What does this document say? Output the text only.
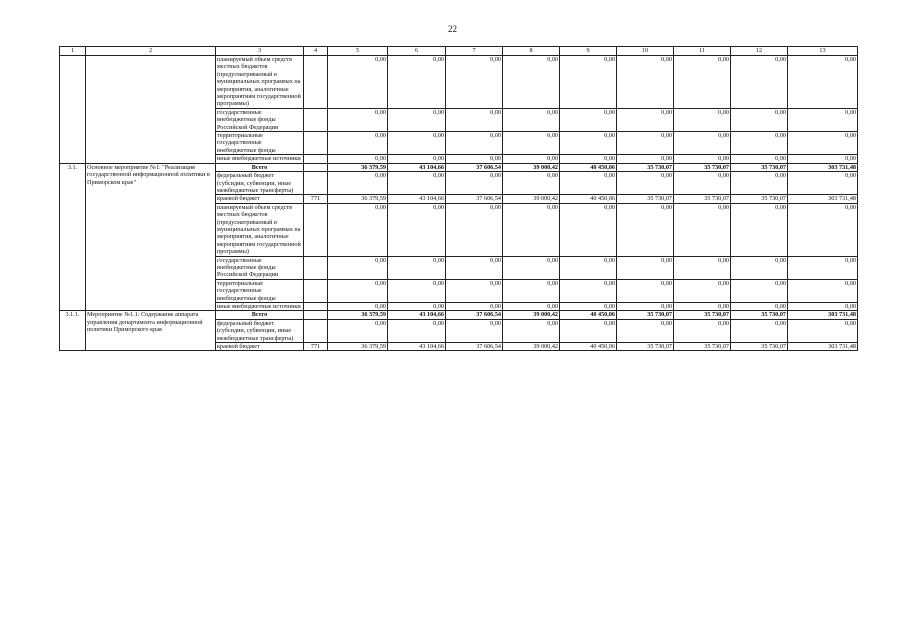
22
1	2	3	4	5	6	7	8	9	10	11	12	13
		планируемый объем средств местных бюджетов (предусматриваемый в муниципальных программах на мероприятия, аналогичные мероприятиям государственной программы)		0,00	0,00	0,00	0,00	0,00	0,00	0,00	0,00	0,00
		государственные внебюджетные фонды Российской Федерации		0,00	0,00	0,00	0,00	0,00	0,00	0,00	0,00	0,00
		территориальные государственные внебюджетные фонды		0,00	0,00	0,00	0,00	0,00	0,00	0,00	0,00	0,00
		иные внебюджетные источники		0,00	0,00	0,00	0,00	0,00	0,00	0,00	0,00	0,00
3.1.	Основное мероприятие №1: "Реализация государственной информационной политики в Приморском крае"	Всего		36 379,59	43 104,66	37 606,54	39 000,42	40 450,06	35 730,07	35 730,07	35 730,07	303 731,48
		федеральный бюджет (субсидии, субвенции, иные межбюджетные трансферты)		0,00	0,00	0,00	0,00	0,00	0,00	0,00	0,00	0,00
		краевой бюджет	771	36 379,59	43 104,66	37 606,54	39 000,42	40 450,06	35 730,07	35 730,07	35 730,07	303 731,48
		планируемый объем средств местных бюджетов (предусматриваемый в муниципальных программах на мероприятия, аналогичные мероприятиям государственной программы)		0,00	0,00	0,00	0,00	0,00	0,00	0,00	0,00	0,00
		государственные внебюджетные фонды Российской Федерации		0,00	0,00	0,00	0,00	0,00	0,00	0,00	0,00	0,00
		территориальные государственные внебюджетные фонды		0,00	0,00	0,00	0,00	0,00	0,00	0,00	0,00	0,00
		иные внебюджетные источники		0,00	0,00	0,00	0,00	0,00	0,00	0,00	0,00	0,00
3.1.1.	Мероприятие №1.1: Содержание аппарата управления департамента информационной политики Приморского края	Всего		36 379,59	43 104,66	37 606,54	39 000,42	40 450,06	35 730,07	35 730,07	35 730,07	303 731,48
		федеральный бюджет (субсидии, субвенции, иные межбюджетные трансферты)		0,00	0,00	0,00	0,00	0,00	0,00	0,00	0,00	0,00
		краевой бюджет	771	36 379,59	43 104,66	37 606,54	39 000,42	40 450,06	35 730,07	35 730,07	35 730,07	303 731,48
